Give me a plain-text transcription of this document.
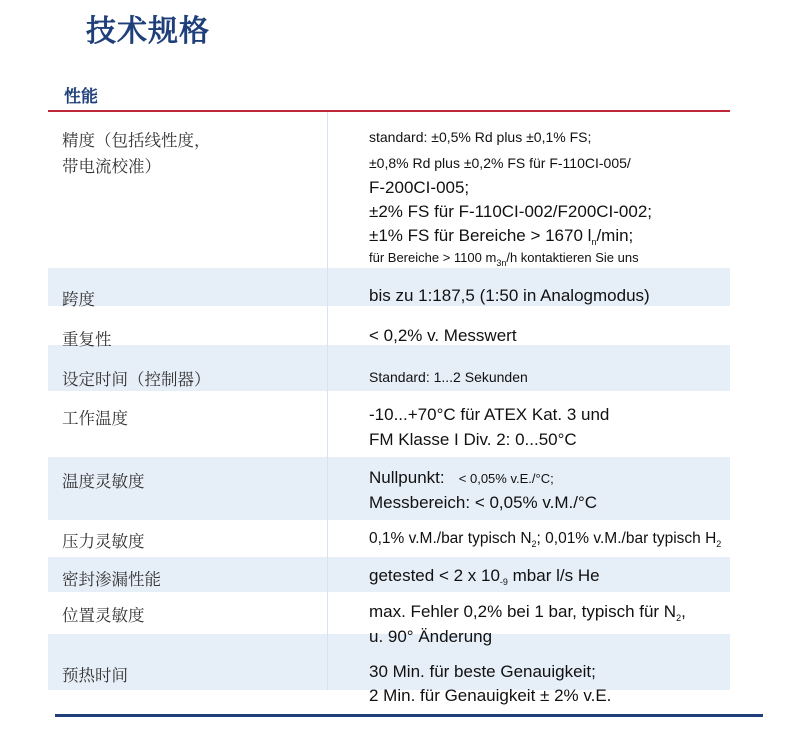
技术规格
性能
精度（包括线性度，
带电流校准）
standard: ±0,5% Rd plus ±0,1% FS;
±0,8% Rd plus ±0,2% FS für F-110CI-005/
F-200CI-005;
±2% FS für F-110CI-002/F200CI-002;
±1% FS für Bereiche > 1670 $l_n/\min$;
für Bereiche > 1100 $m_{3n}/h$ kontaktieren Sie uns
跨度	bis zu 1:187,5 (1:50 in Analogmodus)
重复性	< 0,2% v. Messwert
设定时间（控制器）	Standard: 1...2 Sekunden
工作温度	-10...+70°C für ATEX Kat. 3 und
FM Klasse I Div. 2: 0...50°C
温度灵敏度	Nullpunkt: < 0,05% v.E./°C;
Messbereich: < 0,05% v.M./°C
压力灵敏度	0,1% v.M./bar typisch $N_2$; 0,01% v.M./bar typisch $H_2$
密封渗漏性能	getested < 2 x $10_{-9}$ mbar l/s He
位置灵敏度	max. Fehler 0,2% bei 1 bar, typisch für $N_2$,
u. 90° Änderung
预热时间	30 Min. für beste Genauigkeit;
2 Min. für Genauigkeit ± 2% v.E.
